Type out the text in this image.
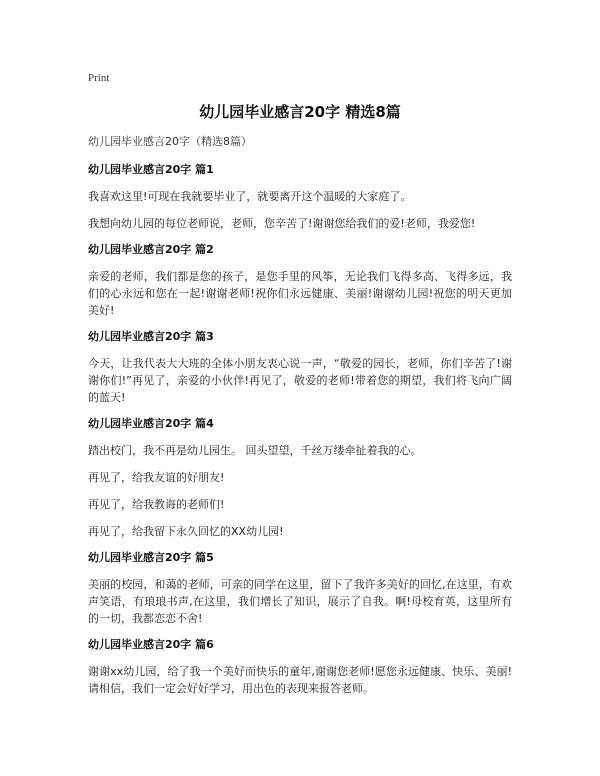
Print
幼儿园毕业感言20字 精选8篇
幼儿园毕业感言20字（精选8篇）
幼儿园毕业感言20字 篇1
我喜欢这里!可现在我就要毕业了，就要离开这个温暖的大家庭了。
我想向幼儿园的每位老师说，老师，您辛苦了!谢谢您给我们的爱!老师，我爱您!
幼儿园毕业感言20字 篇2
亲爱的老师，我们都是您的孩子，是您手里的风筝，无论我们飞得多高、飞得多远，我们的心永远和您在一起!谢谢老师!祝你们永远健康、美丽!谢谢幼儿园!祝您的明天更加美好!
幼儿园毕业感言20字 篇3
今天，让我代表大大班的全体小朋友衷心说一声，“敬爱的园长，老师，你们辛苦了!谢谢你们!”再见了，亲爱的小伙伴!再见了，敬爱的老师!带着您的期望，我们将飞向广阔的蓝天!
幼儿园毕业感言20字 篇4
踏出校门，我不再是幼儿园生。 回头望望，千丝万缕牵扯着我的心。
再见了，给我友谊的好朋友!
再见了，给我教诲的老师们!
再见了，给我留下永久回忆的XX幼儿园!
幼儿园毕业感言20字 篇5
美丽的校园，和蔼的老师，可亲的同学在这里，留下了我许多美好的回忆,在这里，有欢声笑语，有琅琅书声,在这里，我们增长了知识，展示了自我。啊!母校育英，这里所有的一切，我都恋恋不舍!
幼儿园毕业感言20字 篇6
谢谢xx幼儿园，给了我一个美好而快乐的童年,谢谢您老师!愿您永远健康、快乐、美丽!请相信，我们一定会好好学习，用出色的表现来报答老师。
